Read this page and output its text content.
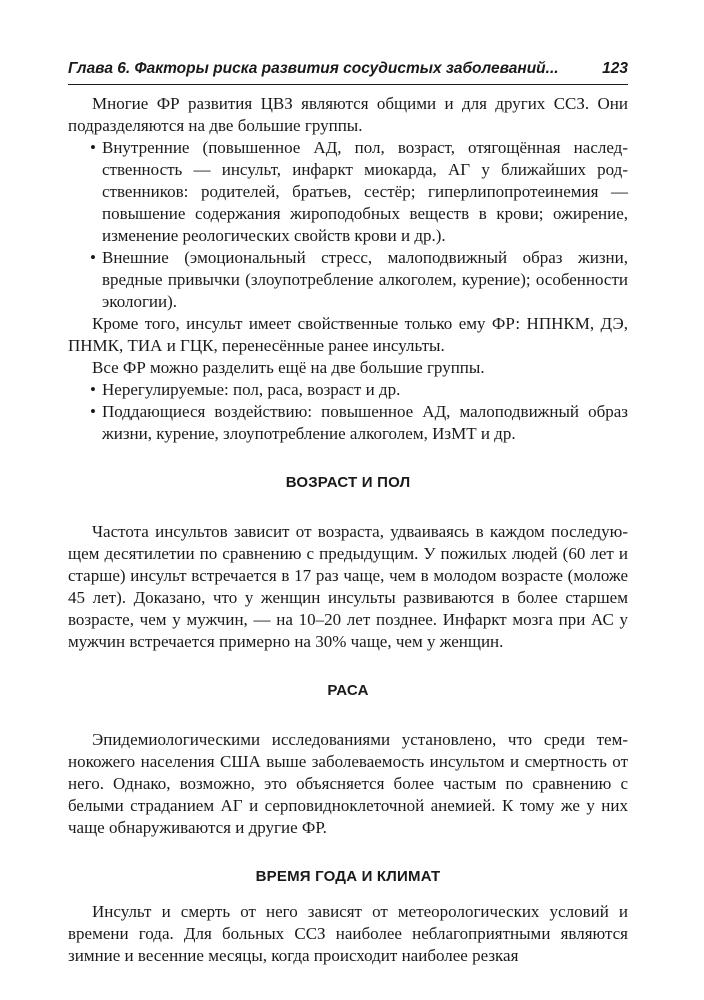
Глава 6. Факторы риска развития сосудистых заболеваний...	123

Многие ФР развития ЦВЗ являются общими и для других ССЗ. Они подразделяются на две большие группы.

• Внутренние (повышенное АД, пол, возраст, отягощённая наследственность — инсульт, инфаркт миокарда, АГ у ближайших родственников: родителей, братьев, сестёр; гиперлипопротеинемия — повышение содержания жироподобных веществ в крови; ожирение, изменение реологических свойств крови и др.).
• Внешние (эмоциональный стресс, малоподвижный образ жизни, вредные привычки (злоупотребление алкоголем, курение); особенности экологии).

Кроме того, инсульт имеет свойственные только ему ФР: НПНКМ, ДЭ, ПНМК, ТИА и ГЦК, перенесённые ранее инсульты.

Все ФР можно разделить ещё на две большие группы.

• Нерегулируемые: пол, раса, возраст и др.
• Поддающиеся воздействию: повышенное АД, малоподвижный образ жизни, курение, злоупотребление алкоголем, ИзМТ и др.
ВОЗРАСТ И ПОЛ

Частота инсультов зависит от возраста, удваиваясь в каждом последующем десятилетии по сравнению с предыдущим. У пожилых людей (60 лет и старше) инсульт встречается в 17 раз чаще, чем в молодом возрасте (моложе 45 лет). Доказано, что у женщин инсульты развиваются в более старшем возрасте, чем у мужчин, — на 10–20 лет позднее. Инфаркт мозга при АС у мужчин встречается примерно на 30% чаще, чем у женщин.

РАСА

Эпидемиологическими исследованиями установлено, что среди темнокожего населения США выше заболеваемость инсультом и смертность от него. Однако, возможно, это объясняется более частым по сравнению с белыми страданием АГ и серповидноклеточной анемией. К тому же у них чаще обнаруживаются и другие ФР.

ВРЕМЯ ГОДА И КЛИМАТ

Инсульт и смерть от него зависят от метеорологических условий и времени года. Для больных ССЗ наиболее неблагоприятными являются зимние и весенние месяцы, когда происходит наиболее резкая
